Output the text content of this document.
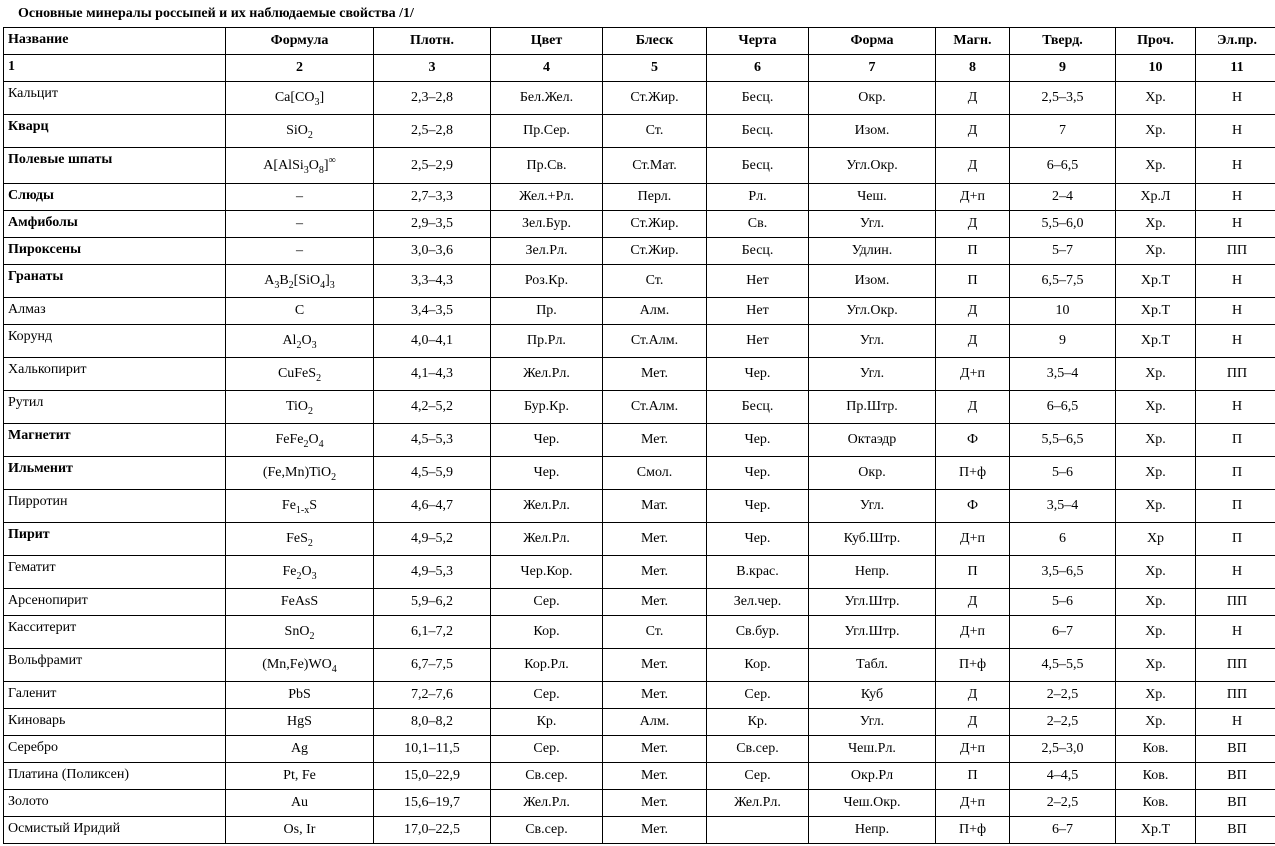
Основные минералы россыпей и их наблюдаемые свойства /1/
Название	Формула	Плотн.	Цвет	Блеск	Черта	Форма	Магн.	Тверд.	Проч.	Эл.пр.
1	2	3	4	5	6	7	8	9	10	11
Кальцит	$Ca[CO_3]$	2,3–2,8	Бел.Жел.	Ст.Жир.	Бесц.	Окр.	Д	2,5–3,5	Хр.	Н
Кварц	SiO$_2$	2,5–2,8	Пр.Сер.	Ст.	Бесц.	Изом.	Д	7	Хр.	Н
Полевые шпаты	$A[AlSi_3O_8]^\infty$	2,5–2,9	Пр.Св.	Ст.Мат.	Бесц.	Угл.Окр.	Д	6–6,5	Хр.	Н
Слюды	–	2,7–3,3	Жел.+Рл.	Перл.	Рл.	Чеш.	Д+п	2–4	Хр.Л	Н
Амфиболы	–	2,9–3,5	Зел.Бур.	Ст.Жир.	Св.	Угл.	Д	5,5–6,0	Хр.	Н
Пироксены	–	3,0–3,6	Зел.Рл.	Ст.Жир.	Бесц.	Удлин.	П	5–7	Хр.	ПП
Гранаты	$A_3B_2[SiO_4]_3$	3,3–4,3	Роз.Кр.	Ст.	Нет	Изом.	П	6,5–7,5	Хр.Т	Н
Алмаз	C	3,4–3,5	Пр.	Алм.	Нет	Угл.Окр.	Д	10	Хр.Т	Н
Корунд	$Al_2O_3$	4,0–4,1	Пр.Рл.	Ст.Алм.	Нет	Угл.	Д	9	Хр.Т	Н
Халькопирит	CuFeS$_2$	4,1–4,3	Жел.Рл.	Мет.	Чер.	Угл.	Д+п	3,5–4	Хр.	ПП
Рутил	TiO$_2$	4,2–5,2	Бур.Кр.	Ст.Алм.	Бесц.	Пр.Штр.	Д	6–6,5	Хр.	Н
Магнетит	$FeFe_2O_4$	4,5–5,3	Чер.	Мет.	Чер.	Октаэдр	Ф	5,5–6,5	Хр.	П
Ильменит	(Fe,Mn)TiO$_2$	4,5–5,9	Чер.	Смол.	Чер.	Окр.	П+ф	5–6	Хр.	П
Пирротин	$Fe_{1-x}S$	4,6–4,7	Жел.Рл.	Мат.	Чер.	Угл.	Ф	3,5–4	Хр.	П
Пирит	FeS$_2$	4,9–5,2	Жел.Рл.	Мет.	Чер.	Куб.Штр.	Д+п	6	Хр	П
Гематит	$Fe_2O_3$	4,9–5,3	Чер.Кор.	Мет.	В.крас.	Непр.	П	3,5–6,5	Хр.	Н
Арсенопирит	FeAsS	5,9–6,2	Сер.	Мет.	Зел.чер.	Угл.Штр.	Д	5–6	Хр.	ПП
Касситерит	SnO$_2$	6,1–7,2	Кор.	Ст.	Св.бур.	Угл.Штр.	Д+п	6–7	Хр.	Н
Вольфрамит	$(Mn,Fe)WO_4$	6,7–7,5	Кор.Рл.	Мет.	Кор.	Табл.	П+ф	4,5–5,5	Хр.	ПП
Галенит	PbS	7,2–7,6	Сер.	Мет.	Сер.	Куб	Д	2–2,5	Хр.	ПП
Киноварь	HgS	8,0–8,2	Кр.	Алм.	Кр.	Угл.	Д	2–2,5	Хр.	Н
Серебро	Ag	10,1–11,5	Сер.	Мет.	Св.сер.	Чеш.Рл.	Д+п	2,5–3,0	Ков.	ВП
Платина (Поликсен)	Pt, Fe	15,0–22,9	Св.сер.	Мет.	Сер.	Окр.Рл	П	4–4,5	Ков.	ВП
Золото	Au	15,6–19,7	Жел.Рл.	Мет.	Жел.Рл.	Чеш.Окр.	Д+п	2–2,5	Ков.	ВП
Осмистый Иридий	Os, Ir	17,0–22,5	Св.сер.	Мет.		Непр.	П+ф	6–7	Хр.Т	ВП
